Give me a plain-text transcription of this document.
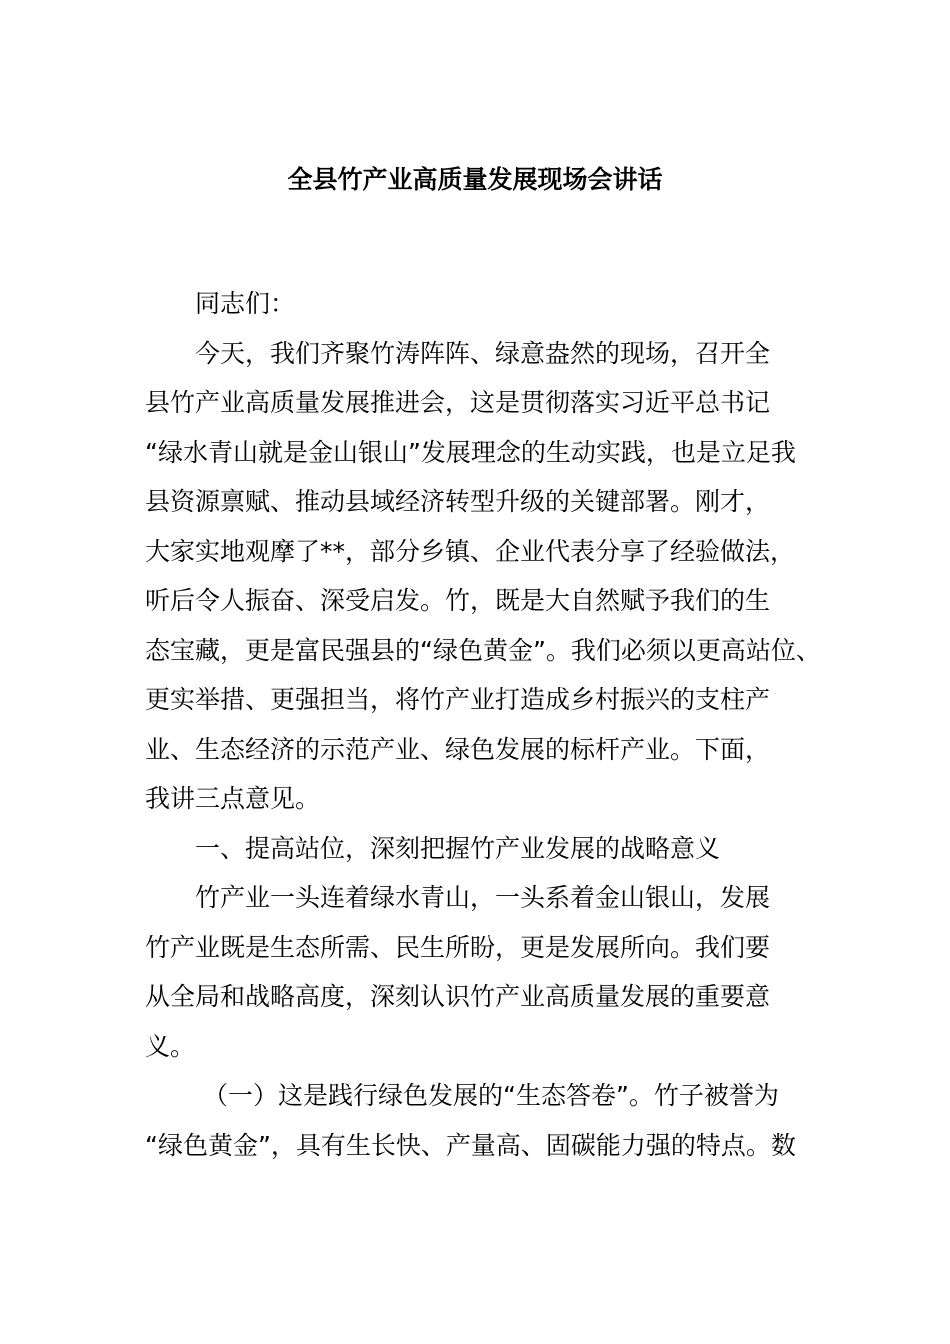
全县竹产业高质量发展现场会讲话

同志们：

今天，我们齐聚竹涛阵阵、绿意盎然的现场，召开全
县竹产业高质量发展推进会，这是贯彻落实习近平总书记
“绿水青山就是金山银山”发展理念的生动实践，也是立足我
县资源禀赋、推动县域经济转型升级的关键部署。刚才，
大家实地观摩了**，部分乡镇、企业代表分享了经验做法，
听后令人振奋、深受启发。竹，既是大自然赋予我们的生
态宝藏，更是富民强县的“绿色黄金”。我们必须以更高站位、
更实举措、更强担当，将竹产业打造成乡村振兴的支柱产
业、生态经济的示范产业、绿色发展的标杆产业。下面，
我讲三点意见。

一、提高站位，深刻把握竹产业发展的战略意义

竹产业一头连着绿水青山，一头系着金山银山，发展
竹产业既是生态所需、民生所盼，更是发展所向。我们要
从全局和战略高度，深刻认识竹产业高质量发展的重要意
义。

（一）这是践行绿色发展的“生态答卷”。竹子被誉为
“绿色黄金”，具有生长快、产量高、固碳能力强的特点。数
